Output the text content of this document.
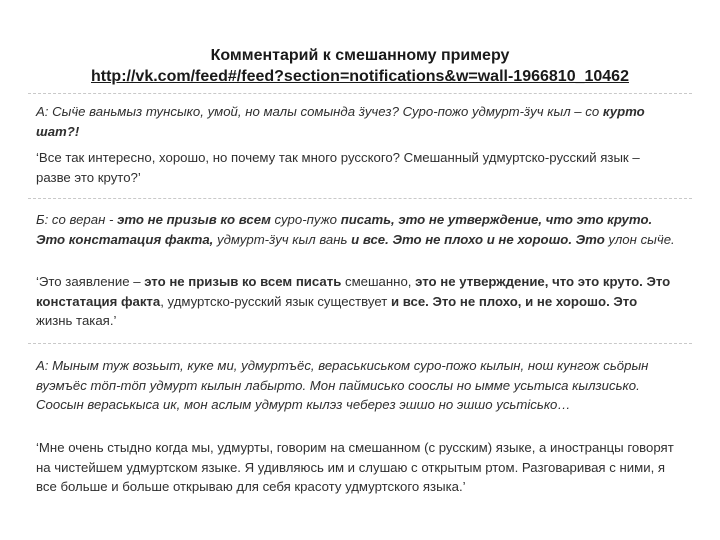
Комментарий к смешанному примеру
http://vk.com/feed#/feed?section=notifications&w=wall-1966810_10462
А: Сыӵе ваньмыз тунсыко, умой, но малы сомында ӟучез? Суро-пожо удмурт-ӟуч кыл – со курто шат?!
‘Все так интересно, хорошо, но почему так много русского? Смешанный удмуртско-русский язык – разве это круто?’
Б: со веран - это не призыв ко всем суро-пужо писать, это не утверждение, что это круто. Это констатация факта, удмурт-ӟуч кыл вань и все. Это не плохо и не хорошо. Это улон сыӵе.
‘Это заявление – это не призыв ко всем писать смешанно, это не утверждение, что это круто. Это констатация факта, удмуртско-русский язык существует и все. Это не плохо, и не хорошо. Это жизнь такая.’
А: Мыным туж возьыт, куке ми, удмуртъёс, вераськиськом суро-пожо кылын, нош кунгож сьӧрын вуэмъёс тӧп-тӧп удмурт кылын лабырто. Мон паймиськo сооcлы но ымме усьтыса кылзиськo. Соосын вераськыса ик, мон аслым удмурт кылэз чеберез эшшо но эшшо усьтiськo…
‘Мне очень стыдно когда мы, удмурты, говорим на смешанном (с русским) языке, а иностранцы говорят на чистейшем удмуртском языке. Я удивляюсь им и слушаю с открытым ртом. Разговаривая с ними, я все больше и больше открываю для себя красоту удмуртского языка.’
